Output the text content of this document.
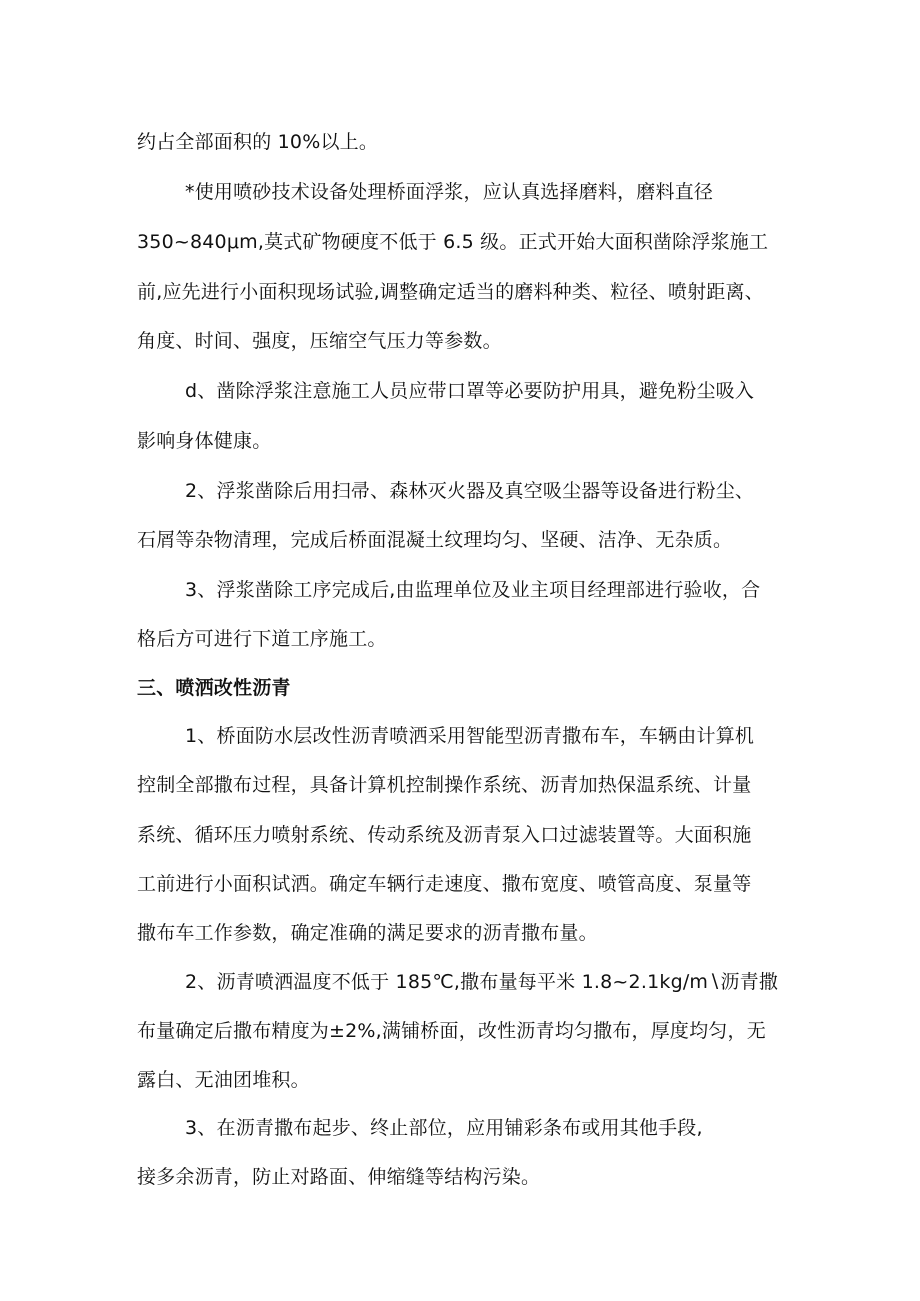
约占全部面积的 10%以上。
*使用喷砂技术设备处理桥面浮浆，应认真选择磨料，磨料直径
350~840μm,莫式矿物硬度不低于 6.5 级。正式开始大面积凿除浮浆施工
前,应先进行小面积现场试验,调整确定适当的磨料种类、粒径、喷射距离、
角度、时间、强度，压缩空气压力等参数。
d、凿除浮浆注意施工人员应带口罩等必要防护用具，避免粉尘吸入
影响身体健康。
2、浮浆凿除后用扫帚、森林灭火器及真空吸尘器等设备进行粉尘、
石屑等杂物清理，完成后桥面混凝土纹理均匀、坚硬、洁净、无杂质。
3、浮浆凿除工序完成后,由监理单位及业主项目经理部进行验收，合
格后方可进行下道工序施工。
三、喷洒改性沥青
1、桥面防水层改性沥青喷洒采用智能型沥青撒布车，车辆由计算机
控制全部撒布过程，具备计算机控制操作系统、沥青加热保温系统、计量
系统、循环压力喷射系统、传动系统及沥青泵入口过滤装置等。大面积施
工前进行小面积试洒。确定车辆行走速度、撒布宽度、喷管高度、泵量等
撒布车工作参数，确定准确的满足要求的沥青撒布量。
2、沥青喷洒温度不低于 185℃,撒布量每平米 1.8~2.1kg∕m∖沥青撒
布量确定后撒布精度为±2%,满铺桥面，改性沥青均匀撒布，厚度均匀，无
露白、无油团堆积。
3、在沥青撒布起步、终止部位，应用铺彩条布或用其他手段,
接多余沥青，防止对路面、伸缩缝等结构污染。
